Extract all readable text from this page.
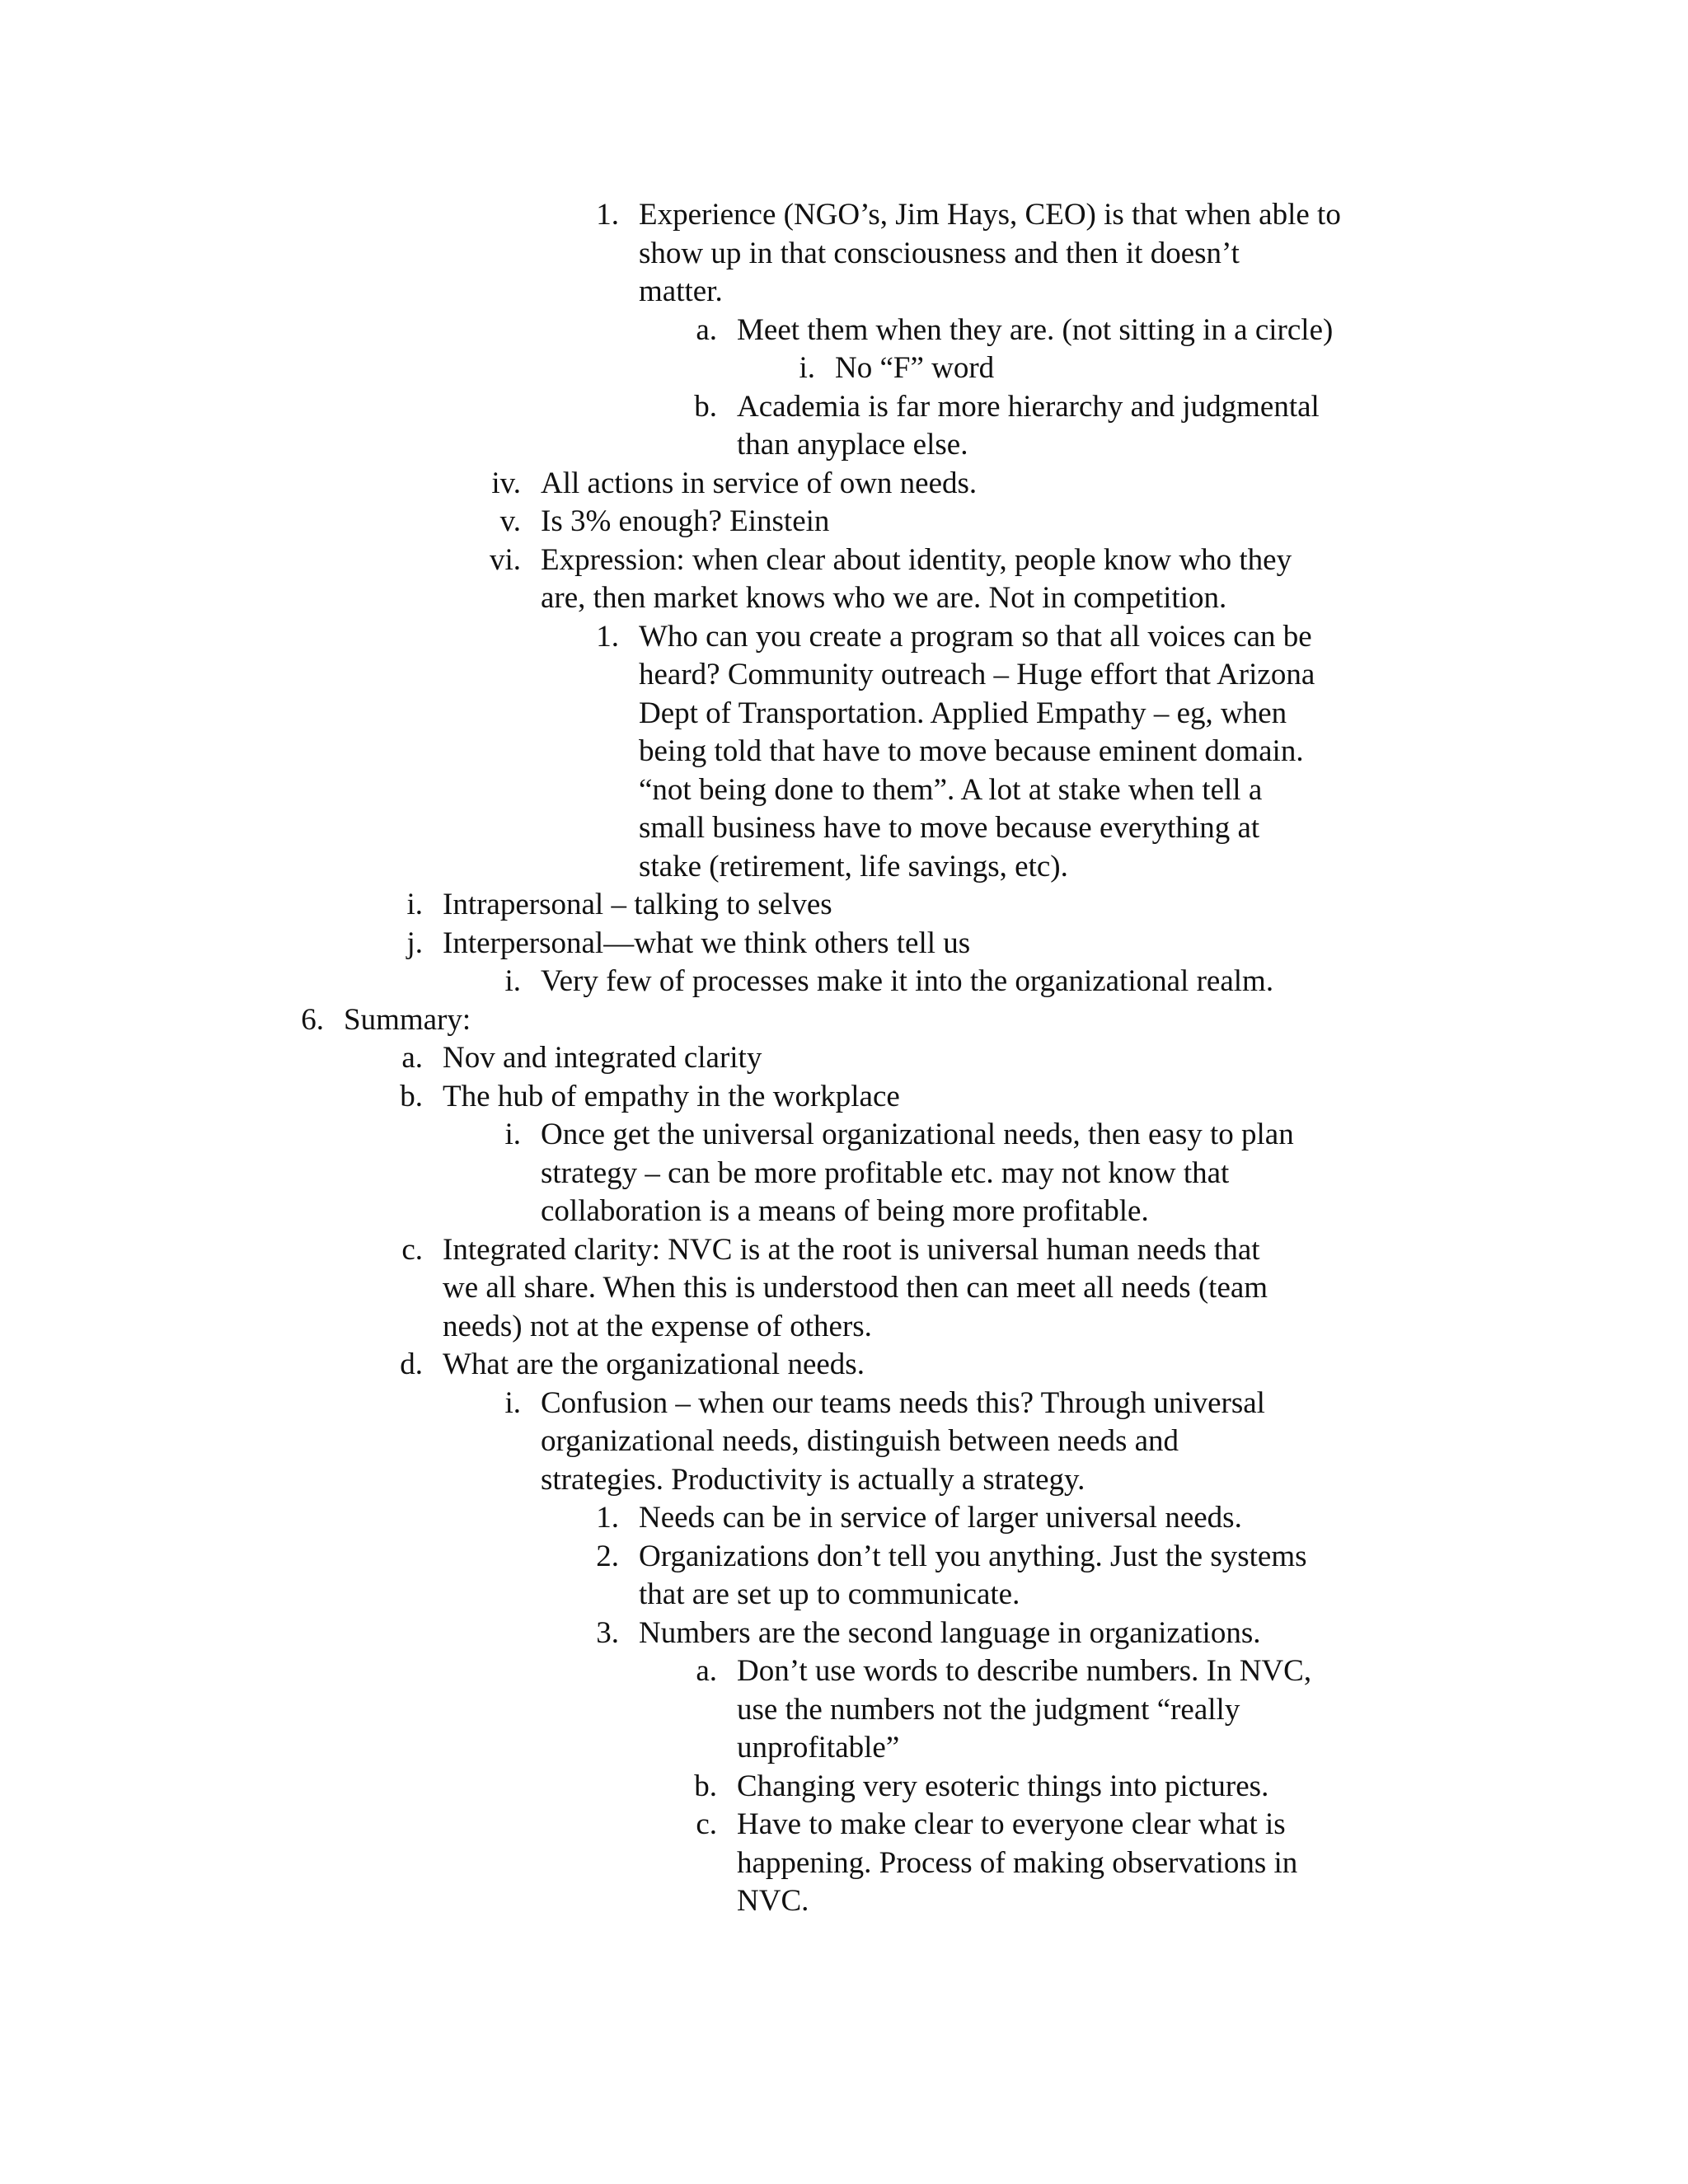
1. Experience (NGO’s, Jim Hays, CEO) is that when able to
show up in that consciousness and then it doesn’t
matter.
a. Meet them when they are. (not sitting in a circle)
i. No “F” word
b. Academia is far more hierarchy and judgmental
than anyplace else.
iv. All actions in service of own needs.
v. Is 3% enough? Einstein
vi. Expression: when clear about identity, people know who they
are, then market knows who we are. Not in competition.
1. Who can you create a program so that all voices can be
heard? Community outreach – Huge effort that Arizona
Dept of Transportation. Applied Empathy – eg, when
being told that have to move because eminent domain.
“not being done to them”. A lot at stake when tell a
small business have to move because everything at
stake (retirement, life savings, etc).
i. Intrapersonal – talking to selves
j. Interpersonal—what we think others tell us
i. Very few of processes make it into the organizational realm.
6. Summary:
a. Nov and integrated clarity
b. The hub of empathy in the workplace
i. Once get the universal organizational needs, then easy to plan
strategy – can be more profitable etc. may not know that
collaboration is a means of being more profitable.
c. Integrated clarity: NVC is at the root is universal human needs that
we all share. When this is understood then can meet all needs (team
needs) not at the expense of others.
d. What are the organizational needs.
i. Confusion – when our teams needs this? Through universal
organizational needs, distinguish between needs and
strategies. Productivity is actually a strategy.
1. Needs can be in service of larger universal needs.
2. Organizations don’t tell you anything. Just the systems
that are set up to communicate.
3. Numbers are the second language in organizations.
a. Don’t use words to describe numbers. In NVC,
use the numbers not the judgment “really
unprofitable”
b. Changing very esoteric things into pictures.
c. Have to make clear to everyone clear what is
happening. Process of making observations in
NVC.
